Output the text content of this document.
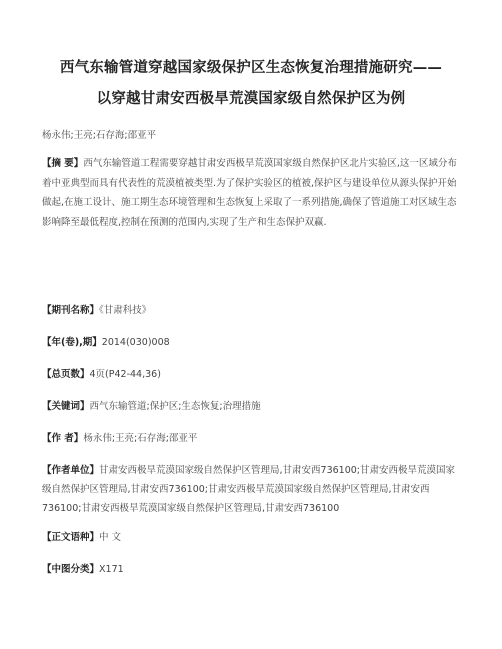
西气东输管道穿越国家级保护区生态恢复治理措施研究——
以穿越甘肃安西极旱荒漠国家级自然保护区为例
杨永伟;王亮;石存海;邵亚平
【摘 要】西气东输管道工程需要穿越甘肃安西极旱荒漠国家级自然保护区北片实验区,这一区域分布着中亚典型而具有代表性的荒漠植被类型.为了保护实验区的植被,保护区与建设单位从源头保护开始做起,在施工设计、施工期生态环境管理和生态恢复上采取了一系列措施,确保了管道施工对区域生态影响降至最低程度,控制在预测的范围内,实现了生产和生态保护双赢.
【期刊名称】《甘肃科技》
【年(卷),期】2014(030)008
【总页数】4页(P42-44,36)
【关键词】西气东输管道;保护区;生态恢复;治理措施
【作 者】杨永伟;王亮;石存海;邵亚平
【作者单位】甘肃安西极旱荒漠国家级自然保护区管理局,甘肃安西736100;甘肃安西极旱荒漠国家级自然保护区管理局,甘肃安西736100;甘肃安西极旱荒漠国家级自然保护区管理局,甘肃安西736100;甘肃安西极旱荒漠国家级自然保护区管理局,甘肃安西736100
【正文语种】中 文
【中图分类】X171
